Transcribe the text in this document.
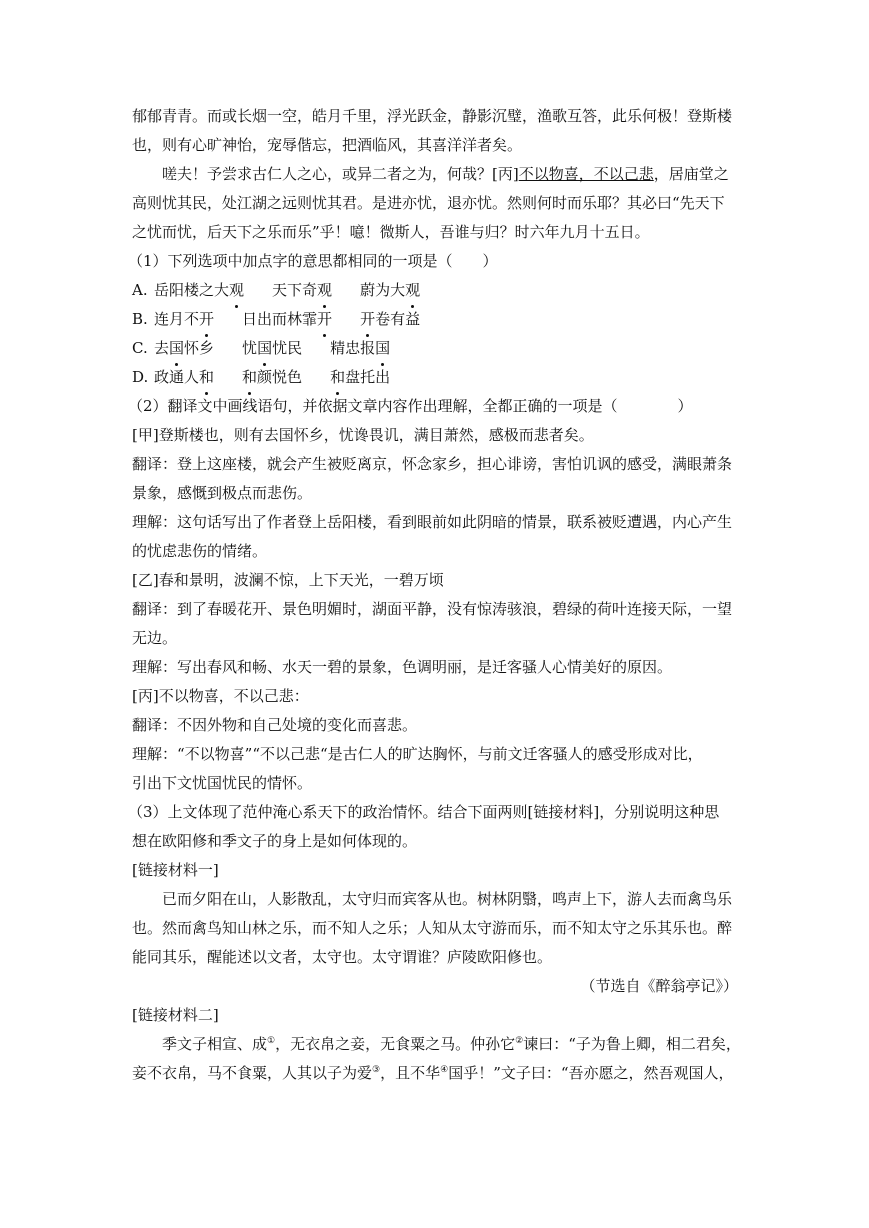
郁郁青青。而或长烟一空，皓月千里，浮光跃金，静影沉璧，渔歌互答，此乐何极！登斯楼
也，则有心旷神怡，宠辱偕忘，把酒临风，其喜洋洋者矣。
嗟夫！予尝求古仁人之心，或异二者之为，何哉？[丙]不以物喜，不以己悲，居庙堂之
高则忧其民，处江湖之远则忧其君。是进亦忧，退亦忧。然则何时而乐耶？其必曰“先天下
之忧而忧，后天下之乐而乐”乎！噫！微斯人，吾谁与归？时六年九月十五日。
（1）下列选项中加点字的意思都相同的一项是（　　）
A. 岳阳楼之大观 天下奇观 蔚为大观
B. 连月不开 日出而林霏开 开卷有益
C. 去国怀乡 忧国忧民 精忠报国
D. 政通人和 和颜悦色 和盘托出
（2）翻译文中画线语句，并依据文章内容作出理解，全都正确的一项是（　　　　）
[甲]登斯楼也，则有去国怀乡，忧谗畏讥，满目萧然，感极而悲者矣。
翻译：登上这座楼，就会产生被贬离京，怀念家乡，担心诽谤，害怕讥讽的感受，满眼萧条
景象，感慨到极点而悲伤。
理解：这句话写出了作者登上岳阳楼，看到眼前如此阴暗的情景，联系被贬遭遇，内心产生
的忧虑悲伤的情绪。
[乙]春和景明，波澜不惊，上下天光，一碧万顷
翻译：到了春暖花开、景色明媚时，湖面平静，没有惊涛骇浪，碧绿的荷叶连接天际，一望
无边。
理解：写出春风和畅、水天一碧的景象，色调明丽，是迁客骚人心情美好的原因。
[丙]不以物喜，不以己悲：
翻译：不因外物和自己处境的变化而喜悲。
理解：“不以物喜”“不以己悲“是古仁人的旷达胸怀，与前文迁客骚人的感受形成对比，
引出下文忧国忧民的情怀。
（3）上文体现了范仲淹心系天下的政治情怀。结合下面两则[链接材料]，分别说明这种思
想在欧阳修和季文子的身上是如何体现的。
[链接材料一]
已而夕阳在山，人影散乱，太守归而宾客从也。树林阴翳，鸣声上下，游人去而禽鸟乐
也。然而禽鸟知山林之乐，而不知人之乐；人知从太守游而乐，而不知太守之乐其乐也。醉
能同其乐，醒能述以文者，太守也。太守谓谁？庐陵欧阳修也。
（节选自《醉翁亭记》）
[链接材料二]
季文子相宣、成①，无衣帛之妾，无食粟之马。仲孙它②谏曰：“子为鲁上卿，相二君矣，
妾不衣帛，马不食粟，人其以子为爱③，且不华④国乎！”文子曰：“吾亦愿之，然吾观国人，
